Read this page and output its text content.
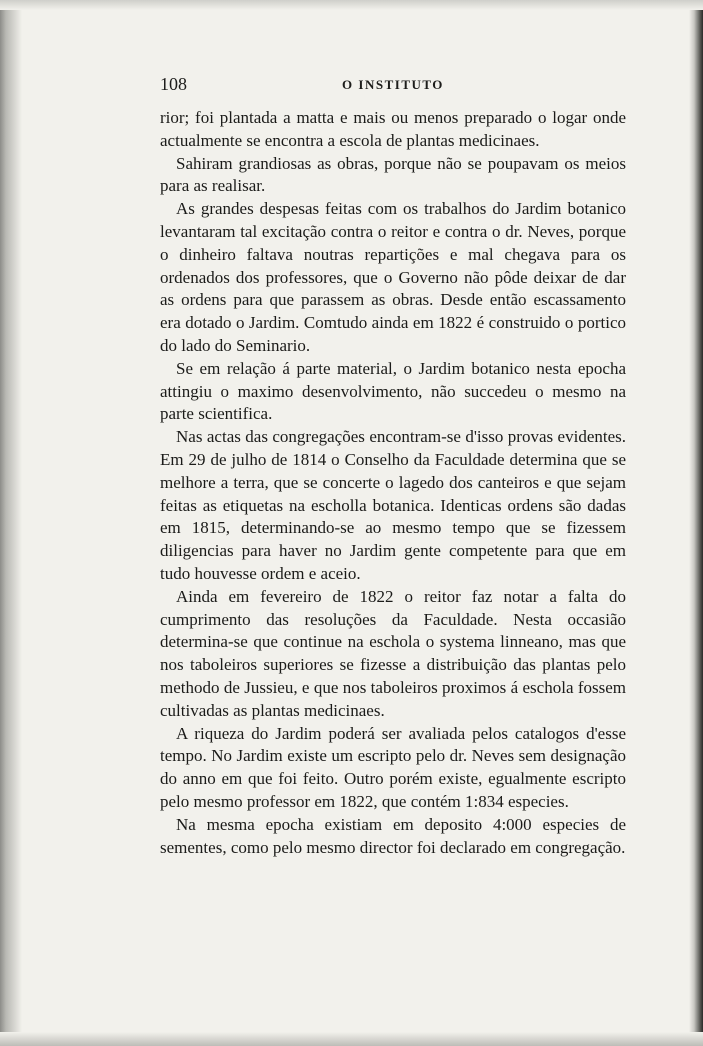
108	O INSTITUTO

rior; foi plantada a matta e mais ou menos preparado o logar onde actualmente se encontra a escola de plantas medicinaes.

Sahiram grandiosas as obras, porque não se poupavam os meios para as realisar.

As grandes despesas feitas com os trabalhos do Jardim botanico levantaram tal excitação contra o reitor e contra o dr. Neves, porque o dinheiro faltava noutras repartições e mal chegava para os ordenados dos professores, que o Governo não pôde deixar de dar as ordens para que parassem as obras. Desde então escassamento era dotado o Jardim. Comtudo ainda em 1822 é construido o portico do lado do Seminario.

Se em relação á parte material, o Jardim botanico nesta epocha attingiu o maximo desenvolvimento, não succedeu o mesmo na parte scientifica.

Nas actas das congregações encontram-se d'isso provas evidentes. Em 29 de julho de 1814 o Conselho da Faculdade determina que se melhore a terra, que se concerte o lagedo dos canteiros e que sejam feitas as etiquetas na escholla botanica. Identicas ordens são dadas em 1815, determinando-se ao mesmo tempo que se fizessem diligencias para haver no Jardim gente competente para que em tudo houvesse ordem e aceio.

Ainda em fevereiro de 1822 o reitor faz notar a falta do cumprimento das resoluções da Faculdade. Nesta occasião determina-se que continue na eschola o systema linneano, mas que nos taboleiros superiores se fizesse a distribuição das plantas pelo methodo de Jussieu, e que nos taboleiros proximos á eschola fossem cultivadas as plantas medicinaes.

A riqueza do Jardim poderá ser avaliada pelos catalogos d'esse tempo. No Jardim existe um escripto pelo dr. Neves sem designação do anno em que foi feito. Outro porém existe, egualmente escripto pelo mesmo professor em 1822, que contém 1:834 especies.

Na mesma epocha existiam em deposito 4:000 especies de sementes, como pelo mesmo director foi declarado em congregação.
